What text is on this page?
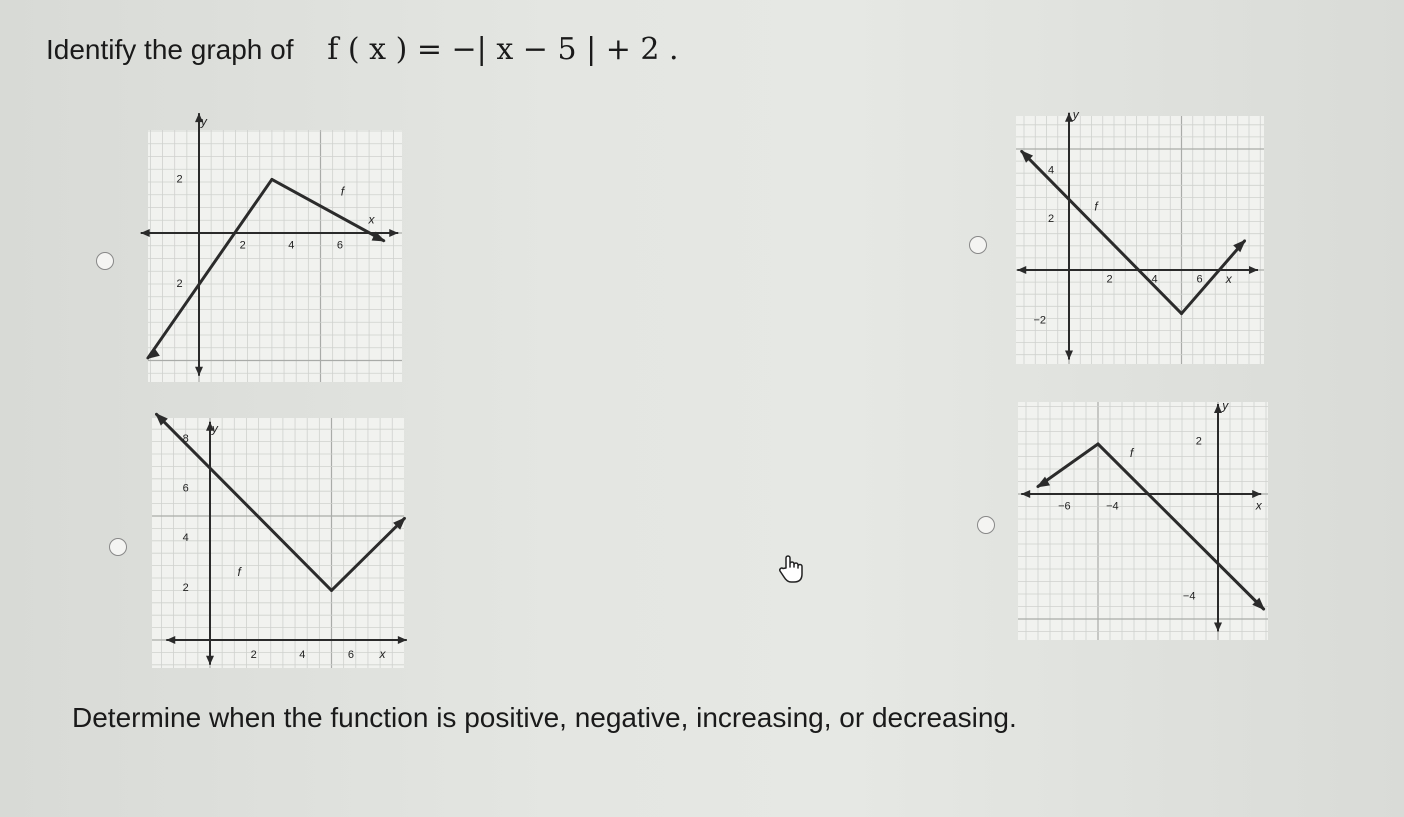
Identify the graph of f ( x ) = −| x − 5 | + 2 .
y
2
2	4	6
x
2
f
y
4
2
2	4	6 x
−2
f
y
8
6
4
2
2	4	6 x
f
y
2
−6	−4	x
−4
f
Determine when the function is positive, negative, increasing, or decreasing.
